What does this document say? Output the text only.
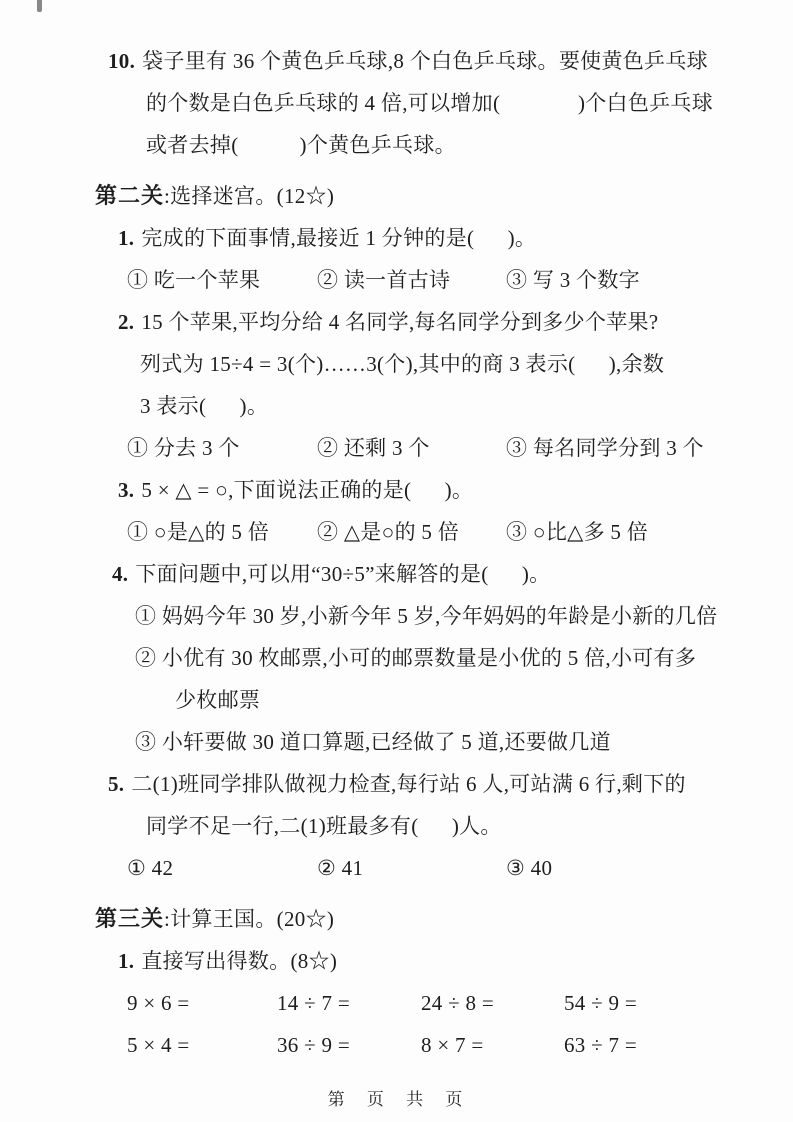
10. 袋子里有 36 个黄色乒乓球,8 个白色乒乓球。要使黄色乒乓球
的个数是白色乒乓球的 4 倍,可以增加(              )个白色乒乓球
或者去掉(           )个黄色乒乓球。
第二关:选择迷宫。(12☆)
1. 完成的下面事情,最接近 1 分钟的是(      )。
① 吃一个苹果	② 读一首古诗	③ 写 3 个数字
2. 15 个苹果,平均分给 4 名同学,每名同学分到多少个苹果?
列式为 15÷4 = 3(个)……3(个),其中的商 3 表示(      ),余数
3 表示(      )。
① 分去 3 个	② 还剩 3 个	③ 每名同学分到 3 个
3. 5 × △ = ○,下面说法正确的是(      )。
① ○是△的 5 倍	② △是○的 5 倍	③ ○比△多 5 倍
4. 下面问题中,可以用“30÷5”来解答的是(      )。
① 妈妈今年 30 岁,小新今年 5 岁,今年妈妈的年龄是小新的几倍
② 小优有 30 枚邮票,小可的邮票数量是小优的 5 倍,小可有多
少枚邮票
③ 小轩要做 30 道口算题,已经做了 5 道,还要做几道
5. 二(1)班同学排队做视力检查,每行站 6 人,可站满 6 行,剩下的
同学不足一行,二(1)班最多有(      )人。
① 42	② 41	③ 40
第三关:计算王国。(20☆)
1. 直接写出得数。(8☆)
9 × 6 =	14 ÷ 7 =	24 ÷ 8 =	54 ÷ 9 =
5 × 4 =	36 ÷ 9 =	8 × 7 =	63 ÷ 7 =
第 页 共 页
